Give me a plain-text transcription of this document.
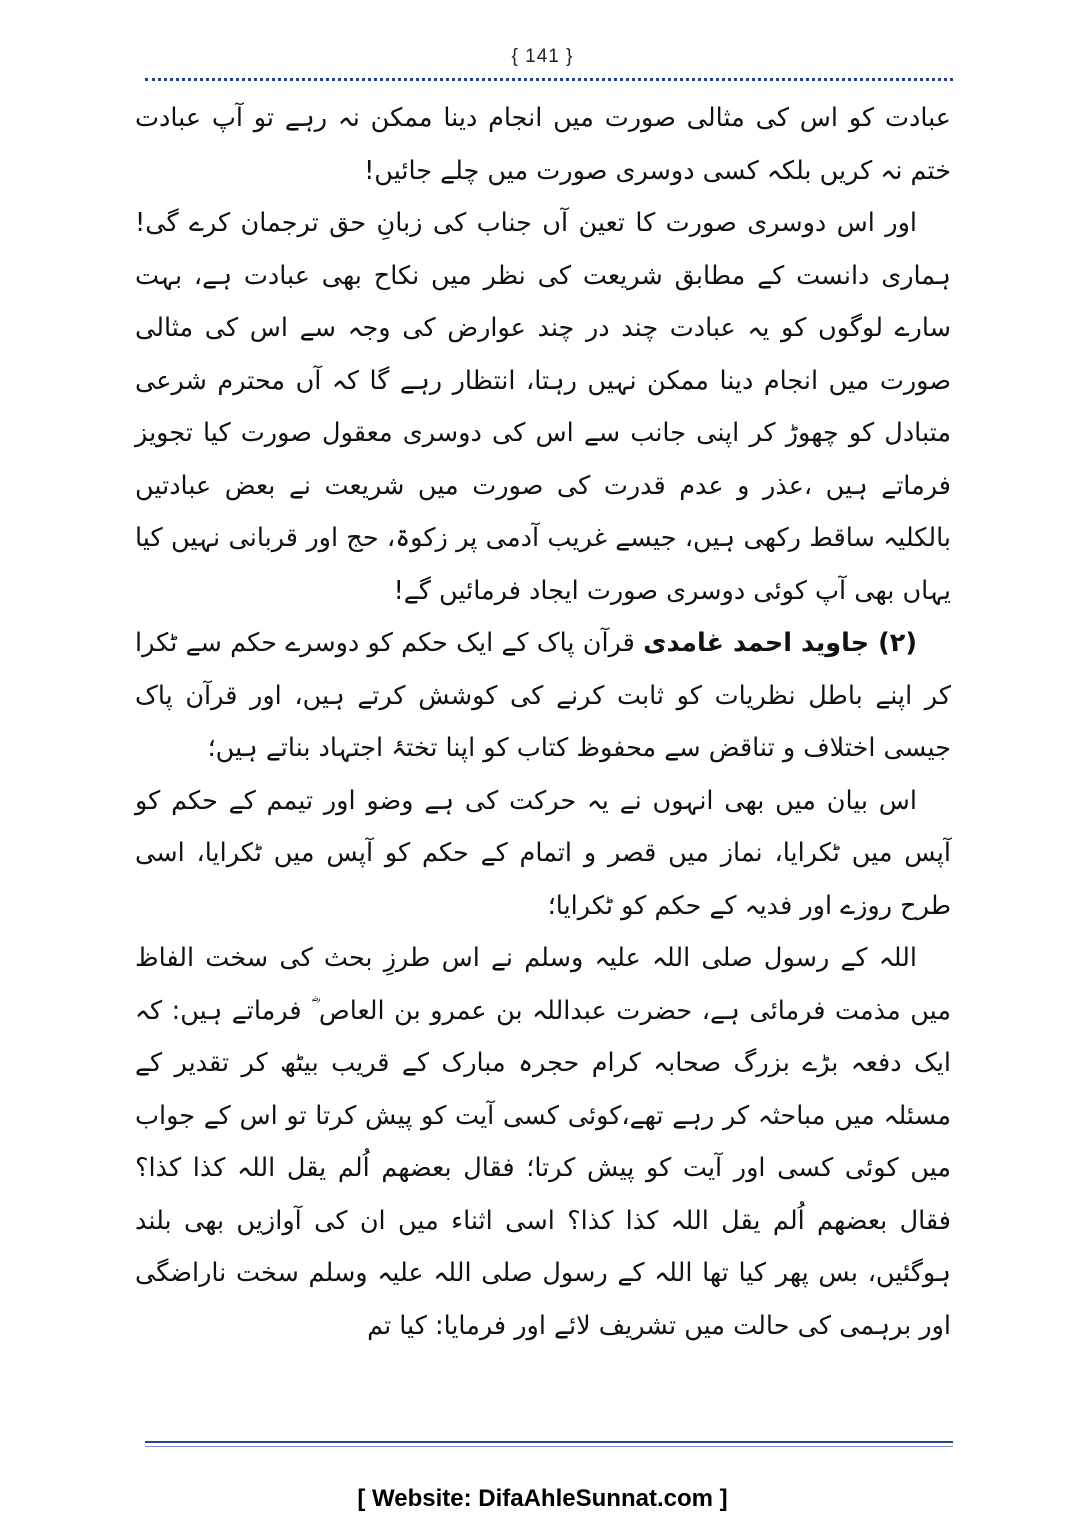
{ 141 }

عبادت کو اس کی مثالی صورت میں انجام دینا ممکن نہ رہے تو آپ عبادت ختم نہ کریں بلکہ کسی دوسری صورت میں چلے جائیں!

اور اس دوسری صورت کا تعین آں جناب کی زبانِ حق ترجمان کرے گی! ہماری دانست کے مطابق شریعت کی نظر میں نکاح بھی عبادت ہے، بہت سارے لوگوں کو یہ عبادت چند در چند عوارض کی وجہ سے اس کی مثالی صورت میں انجام دینا ممکن نہیں رہتا، انتظار رہے گا کہ آں محترم شرعی متبادل کو چھوڑ کر اپنی جانب سے اس کی دوسری معقول صورت کیا تجویز فرماتے ہیں ،عذر و عدم قدرت کی صورت میں شریعت نے بعض عبادتیں بالکلیہ ساقط رکھی ہیں، جیسے غریب آدمی پر زکوۃ، حج اور قربانی نہیں کیا یہاں بھی آپ کوئی دوسری صورت ایجاد فرمائیں گے!

(۲) جاوید احمد غامدی قرآن پاک کے ایک حکم کو دوسرے حکم سے ٹکرا کر اپنے باطل نظریات کو ثابت کرنے کی کوشش کرتے ہیں، اور قرآن پاک جیسی اختلاف و تناقض سے محفوظ کتاب کو اپنا تختۂ اجتہاد بناتے ہیں؛

اس بیان میں بھی انہوں نے یہ حرکت کی ہے وضو اور تیمم کے حکم کو آپس میں ٹکرایا، نماز میں قصر و اتمام کے حکم کو آپس میں ٹکرایا، اسی طرح روزے اور فدیہ کے حکم کو ٹکرایا؛

اللہ کے رسول صلی اللہ علیہ وسلم نے اس طرزِ بحث کی سخت الفاظ میں مذمت فرمائی ہے، حضرت عبداللہ بن عمرو بن العاص ؓ فرماتے ہیں: کہ ایک دفعہ بڑے بزرگ صحابہ کرام حجرہ مبارک کے قریب بیٹھ کر تقدیر کے مسئلہ میں مباحثہ کر رہے تھے،کوئی کسی آیت کو پیش کرتا تو اس کے جواب میں کوئی کسی اور آیت کو پیش کرتا؛ فقال بعضھم اُلم یقل اللہ کذا کذا؟ فقال بعضھم اُلم یقل اللہ کذا کذا؟ اسی اثناء میں ان کی آوازیں بھی بلند ہوگئیں، بس پھر کیا تھا اللہ کے رسول صلی اللہ علیہ وسلم سخت ناراضگی اور برہمی کی حالت میں تشریف لائے اور فرمایا: کیا تم

[ Website: DifaAhleSunnat.com ]
